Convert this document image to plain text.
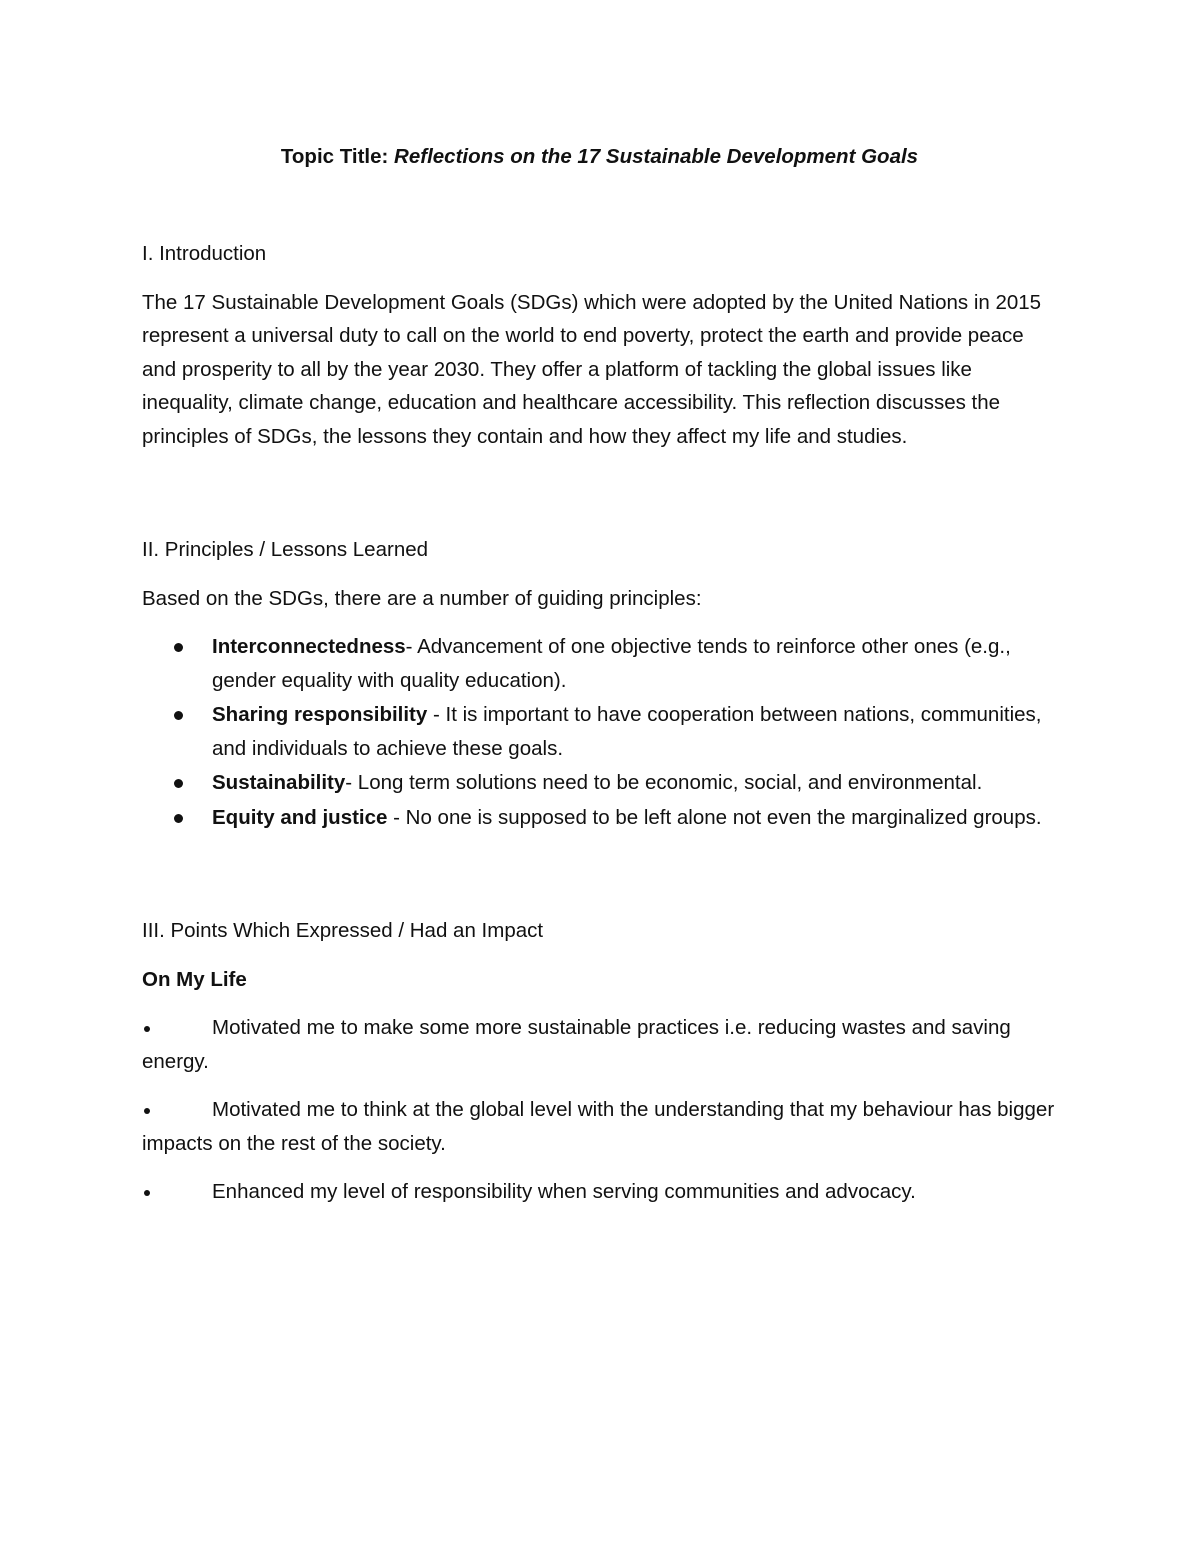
Topic Title: Reflections on the 17 Sustainable Development Goals
I. Introduction

The 17 Sustainable Development Goals (SDGs) which were adopted by the United Nations in 2015 represent a universal duty to call on the world to end poverty, protect the earth and provide peace and prosperity to all by the year 2030. They offer a platform of tackling the global issues like inequality, climate change, education and healthcare accessibility. This reflection discusses the principles of SDGs, the lessons they contain and how they affect my life and studies.

II. Principles / Lessons Learned

Based on the SDGs, there are a number of guiding principles:

Interconnectedness- Advancement of one objective tends to reinforce other ones (e.g., gender equality with quality education).
Sharing responsibility - It is important to have cooperation between nations, communities, and individuals to achieve these goals.
Sustainability- Long term solutions need to be economic, social, and environmental.
Equity and justice - No one is supposed to be left alone not even the marginalized groups.
III. Points Which Expressed / Had an Impact
On My Life
Motivated me to make some more sustainable practices i.e. reducing wastes and saving energy.
Motivated me to think at the global level with the understanding that my behaviour has bigger impacts on the rest of the society.
Enhanced my level of responsibility when serving communities and advocacy.
